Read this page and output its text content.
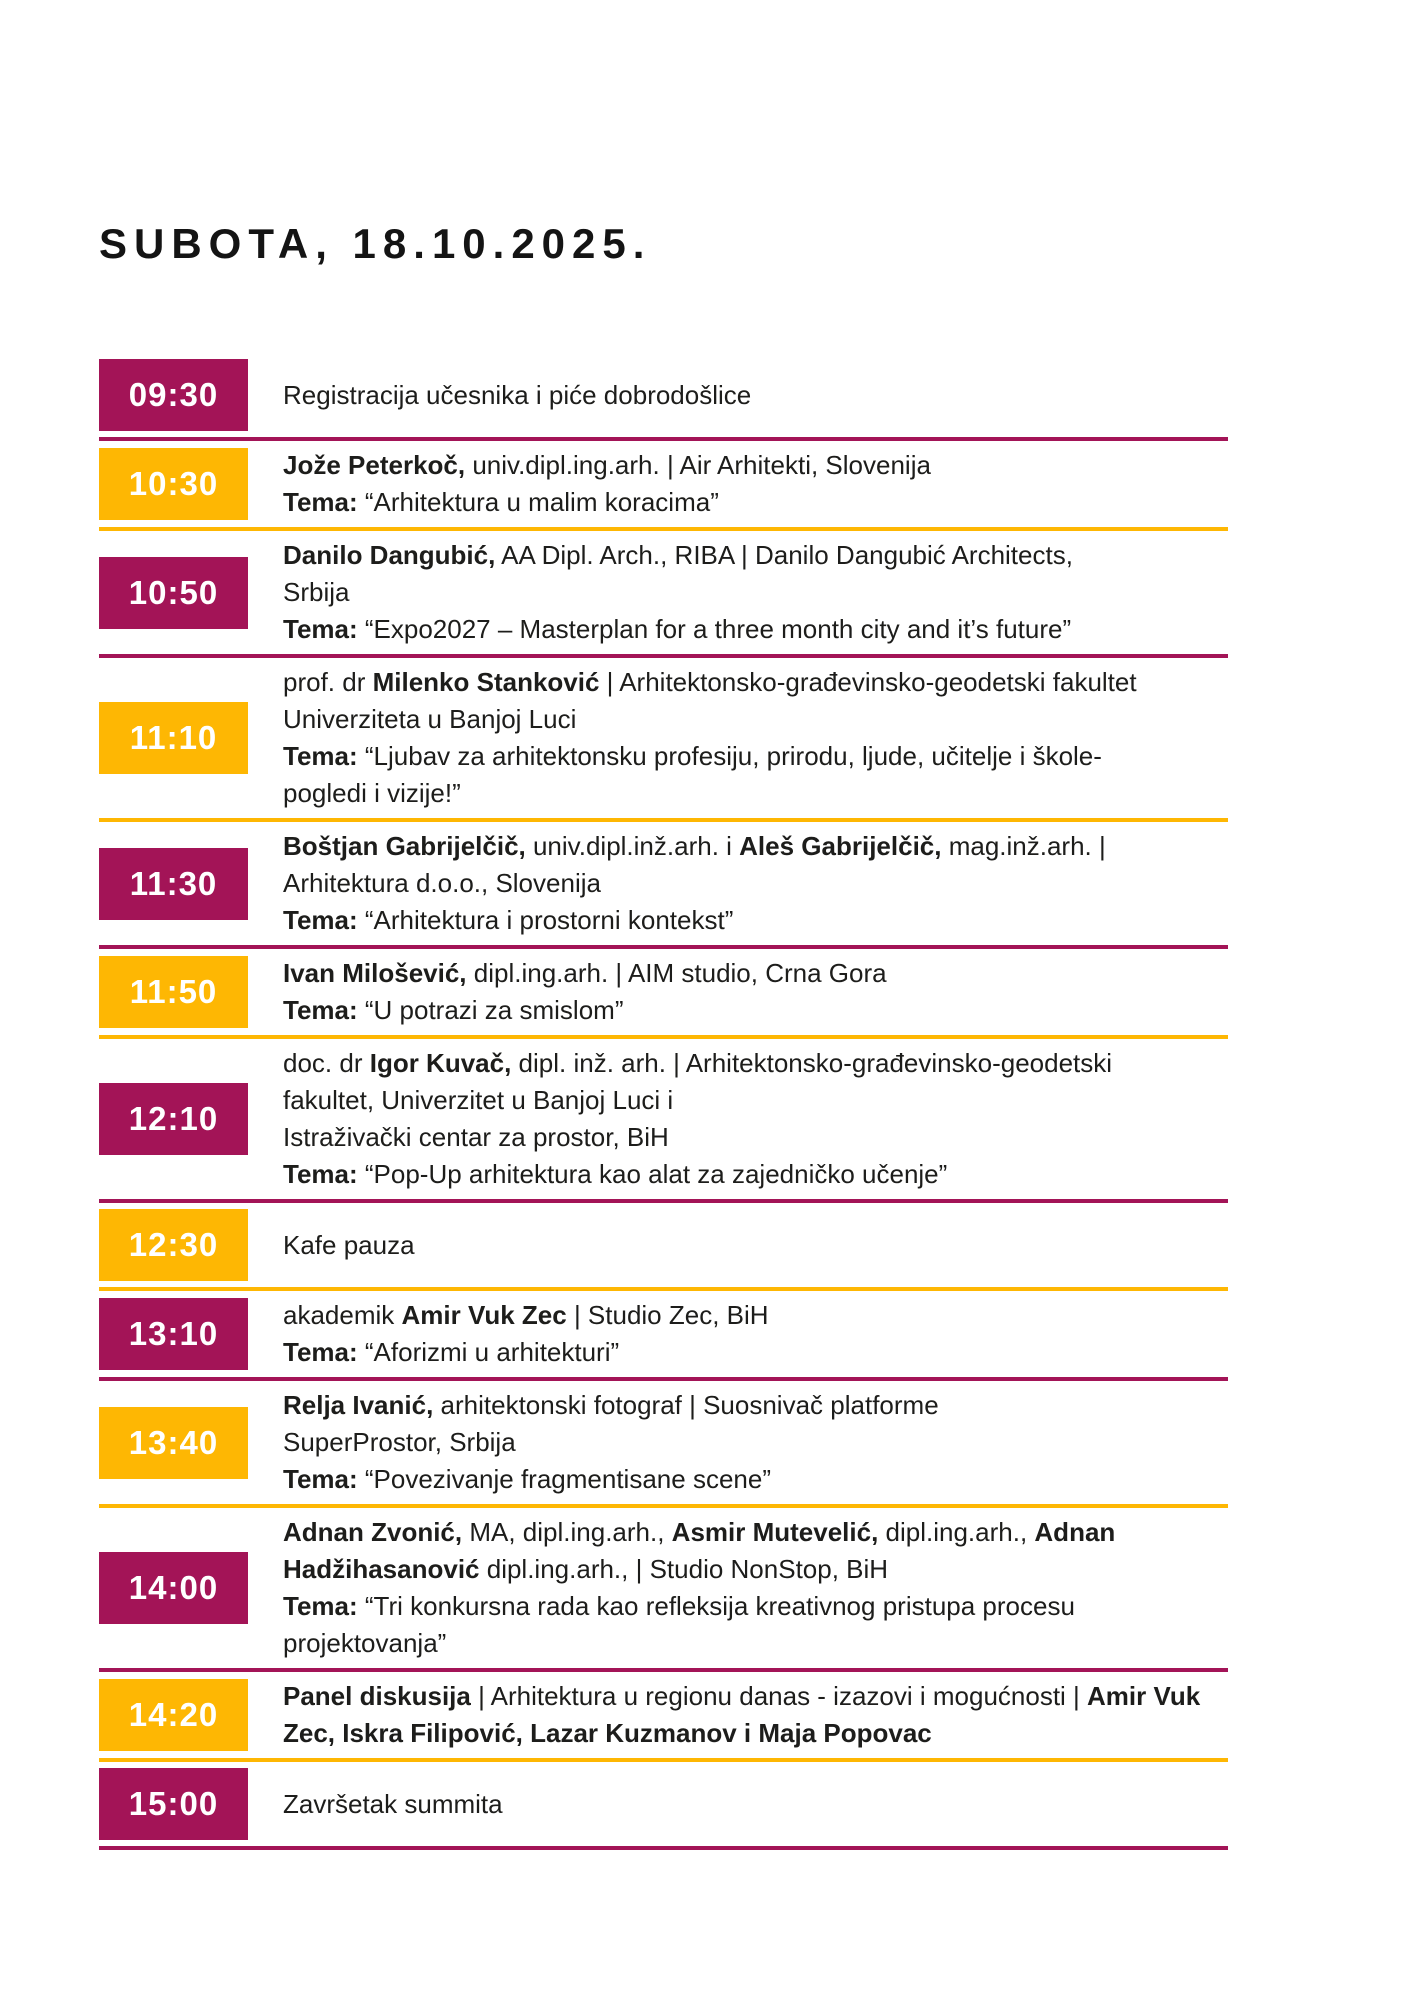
SUBOTA, 18.10.2025.
09:30	Registracija učesnika i piće dobrodošlice
10:30	Jože Peterkoč, univ.dipl.ing.arh. | Air Arhitekti, Slovenija
Tema: “Arhitektura u malim koracima”
10:50
Danilo Dangubić, AA Dipl. Arch., RIBA | Danilo Dangubić Architects,
Srbija
Tema: “Expo2027 – Masterplan for a three month city and it’s future”
11:10
prof. dr Milenko Stanković | Arhitektonsko-građevinsko-geodetski fakultet
Univerziteta u Banjoj Luci
Tema: “Ljubav za arhitektonsku profesiju, prirodu, ljude, učitelje i škole-
pogledi i vizije!”
11:30
Boštjan Gabrijelčič, univ.dipl.inž.arh. i Aleš Gabrijelčič, mag.inž.arh. |
Arhitektura d.o.o., Slovenija
Tema: “Arhitektura i prostorni kontekst”
11:50	Ivan Milošević, dipl.ing.arh. | AIM studio, Crna Gora
Tema: “U potrazi za smislom”
12:10
doc. dr Igor Kuvač, dipl. inž. arh. | Arhitektonsko-građevinsko-geodetski
fakultet, Univerzitet u Banjoj Luci i
Istraživački centar za prostor, BiH
Tema: “Pop-Up arhitektura kao alat za zajedničko učenje”
12:30	Kafe pauza
13:10	akademik Amir Vuk Zec | Studio Zec, BiH
Tema: “Aforizmi u arhitekturi”
13:40
Relja Ivanić, arhitektonski fotograf | Suosnivač platforme
SuperProstor, Srbija
Tema: “Povezivanje fragmentisane scene”
14:00
Adnan Zvonić, MA, dipl.ing.arh., Asmir Mutevelić, dipl.ing.arh., Adnan
Hadžihasanović dipl.ing.arh., | Studio NonStop, BiH
Tema: “Tri konkursna rada kao refleksija kreativnog pristupa procesu
projektovanja”
14:20	Panel diskusija | Arhitektura u regionu danas - izazovi i mogućnosti | Amir Vuk
Zec, Iskra Filipović, Lazar Kuzmanov i Maja Popovac
15:00	Završetak summita
